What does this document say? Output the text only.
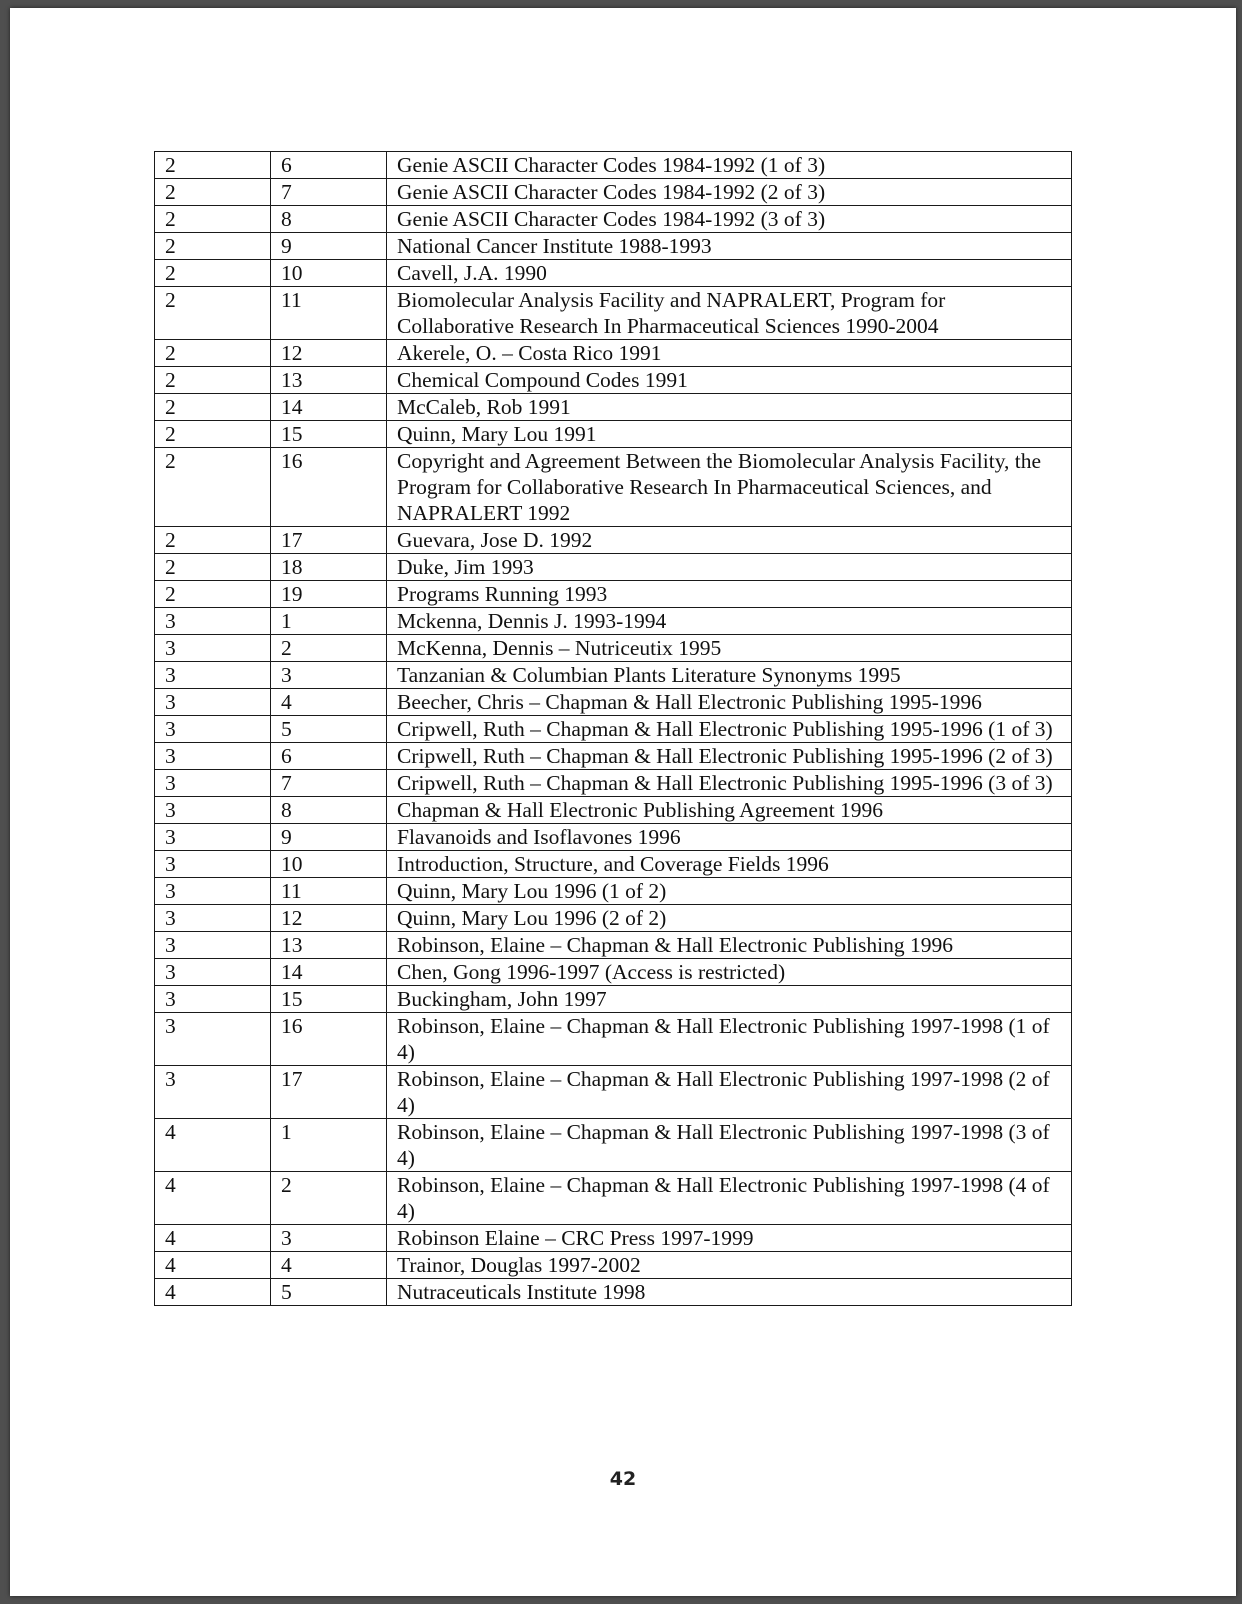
2	6	Genie ASCII Character Codes 1984-1992 (1 of 3)
2	7	Genie ASCII Character Codes 1984-1992 (2 of 3)
2	8	Genie ASCII Character Codes 1984-1992 (3 of 3)
2	9	National Cancer Institute 1988-1993
2	10	Cavell, J.A. 1990
2	11	Biomolecular Analysis Facility and NAPRALERT, Program for Collaborative Research In Pharmaceutical Sciences 1990-2004
2	12	Akerele, O. – Costa Rico 1991
2	13	Chemical Compound Codes 1991
2	14	McCaleb, Rob 1991
2	15	Quinn, Mary Lou 1991
2	16	Copyright and Agreement Between the Biomolecular Analysis Facility, the Program for Collaborative Research In Pharmaceutical Sciences, and NAPRALERT 1992
2	17	Guevara, Jose D. 1992
2	18	Duke, Jim 1993
2	19	Programs Running 1993
3	1	Mckenna, Dennis J. 1993-1994
3	2	McKenna, Dennis – Nutriceutix 1995
3	3	Tanzanian & Columbian Plants Literature Synonyms 1995
3	4	Beecher, Chris – Chapman & Hall Electronic Publishing 1995-1996
3	5	Cripwell, Ruth – Chapman & Hall Electronic Publishing 1995-1996 (1 of 3)
3	6	Cripwell, Ruth – Chapman & Hall Electronic Publishing 1995-1996 (2 of 3)
3	7	Cripwell, Ruth – Chapman & Hall Electronic Publishing 1995-1996 (3 of 3)
3	8	Chapman & Hall Electronic Publishing Agreement 1996
3	9	Flavanoids and Isoflavones 1996
3	10	Introduction, Structure, and Coverage Fields 1996
3	11	Quinn, Mary Lou 1996 (1 of 2)
3	12	Quinn, Mary Lou 1996 (2 of 2)
3	13	Robinson, Elaine – Chapman & Hall Electronic Publishing 1996
3	14	Chen, Gong 1996-1997 (Access is restricted)
3	15	Buckingham, John 1997
3	16	Robinson, Elaine – Chapman & Hall Electronic Publishing 1997-1998 (1 of 4)
3	17	Robinson, Elaine – Chapman & Hall Electronic Publishing 1997-1998 (2 of 4)
4	1	Robinson, Elaine – Chapman & Hall Electronic Publishing 1997-1998 (3 of 4)
4	2	Robinson, Elaine – Chapman & Hall Electronic Publishing 1997-1998 (4 of 4)
4	3	Robinson Elaine – CRC Press 1997-1999
4	4	Trainor, Douglas 1997-2002
4	5	Nutraceuticals Institute 1998
42
